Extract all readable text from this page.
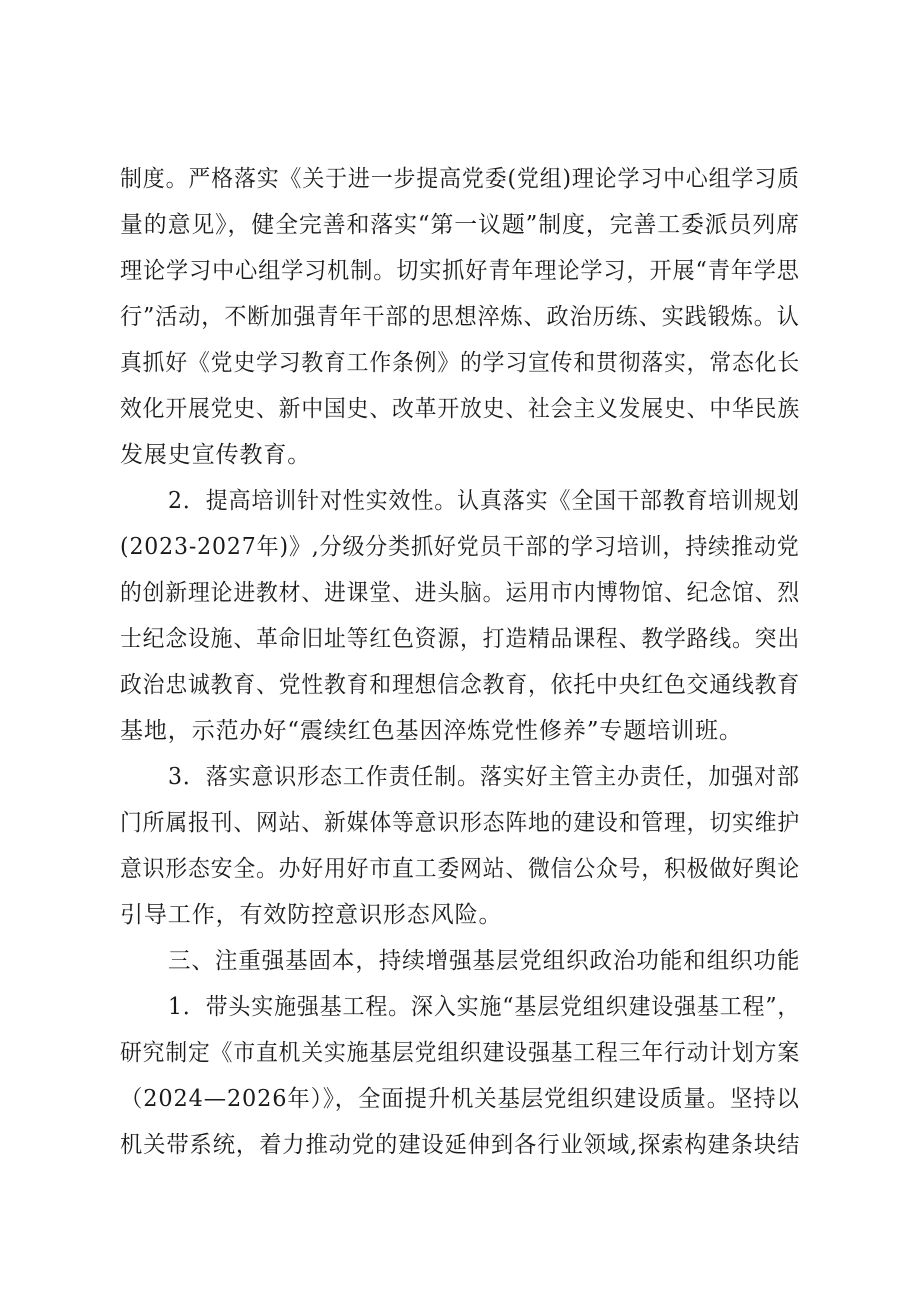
制度。严格落实《关于进一步提高党委(党组)理论学习中心组学习质
量的意见》，健全完善和落实“第一议题”制度，完善工委派员列席
理论学习中心组学习机制。切实抓好青年理论学习，开展“青年学思
行”活动，不断加强青年干部的思想淬炼、政治历练、实践锻炼。认
真抓好《党史学习教育工作条例》的学习宣传和贯彻落实，常态化长
效化开展党史、新中国史、改革开放史、社会主义发展史、中华民族
发展史宣传教育。
2．提高培训针对性实效性。认真落实《全国干部教育培训规划
(2023-2027年)》,分级分类抓好党员干部的学习培训，持续推动党
的创新理论进教材、进课堂、进头脑。运用市内博物馆、纪念馆、烈
士纪念设施、革命旧址等红色资源，打造精品课程、教学路线。突出
政治忠诚教育、党性教育和理想信念教育，依托中央红色交通线教育
基地，示范办好“震续红色基因淬炼党性修养”专题培训班。
3．落实意识形态工作责任制。落实好主管主办责任，加强对部
门所属报刊、网站、新媒体等意识形态阵地的建设和管理，切实维护
意识形态安全。办好用好市直工委网站、微信公众号，积极做好舆论
引导工作，有效防控意识形态风险。
三、注重强基固本，持续增强基层党组织政治功能和组织功能
1．带头实施强基工程。深入实施“基层党组织建设强基工程”，
研究制定《市直机关实施基层党组织建设强基工程三年行动计划方案
（2024—2026年）》，全面提升机关基层党组织建设质量。坚持以
机关带系统，着力推动党的建设延伸到各行业领域,探索构建条块结
